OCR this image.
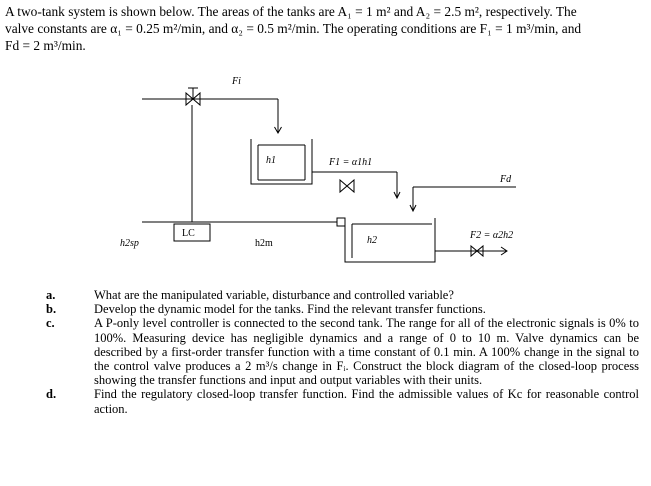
A two-tank system is shown below. The areas of the tanks are A₁ = 1 m² and A₂ = 2.5 m², respectively. The

valve constants are α₁ = 0.25 m²/min, and α₂ = 0.5 m²/min. The operating conditions are F₁ = 1 m³/min, and

Fd = 2 m³/min.

Fi
h1	F1 = α1h1
Fd
LC
h2sp	h2m	h2	F2 = α2h2
a.	What are the manipulated variable, disturbance and controlled variable?
b.	Develop the dynamic model for the tanks. Find the relevant transfer functions.
c.	A P-only level controller is connected to the second tank. The range for all of the electronic signals is 0% to 100%. Measuring device has negligible dynamics and a range of 0 to 10 m. Valve dynamics can be described by a first-order transfer function with a time constant of 0.1 min. A 100% change in the signal to the control valve produces a 2 m³/s change in Fᵢ. Construct the block diagram of the closed-loop process showing the transfer functions and input and output variables with their units.
d.	Find the regulatory closed-loop transfer function. Find the admissible values of Kc for reasonable control action.
